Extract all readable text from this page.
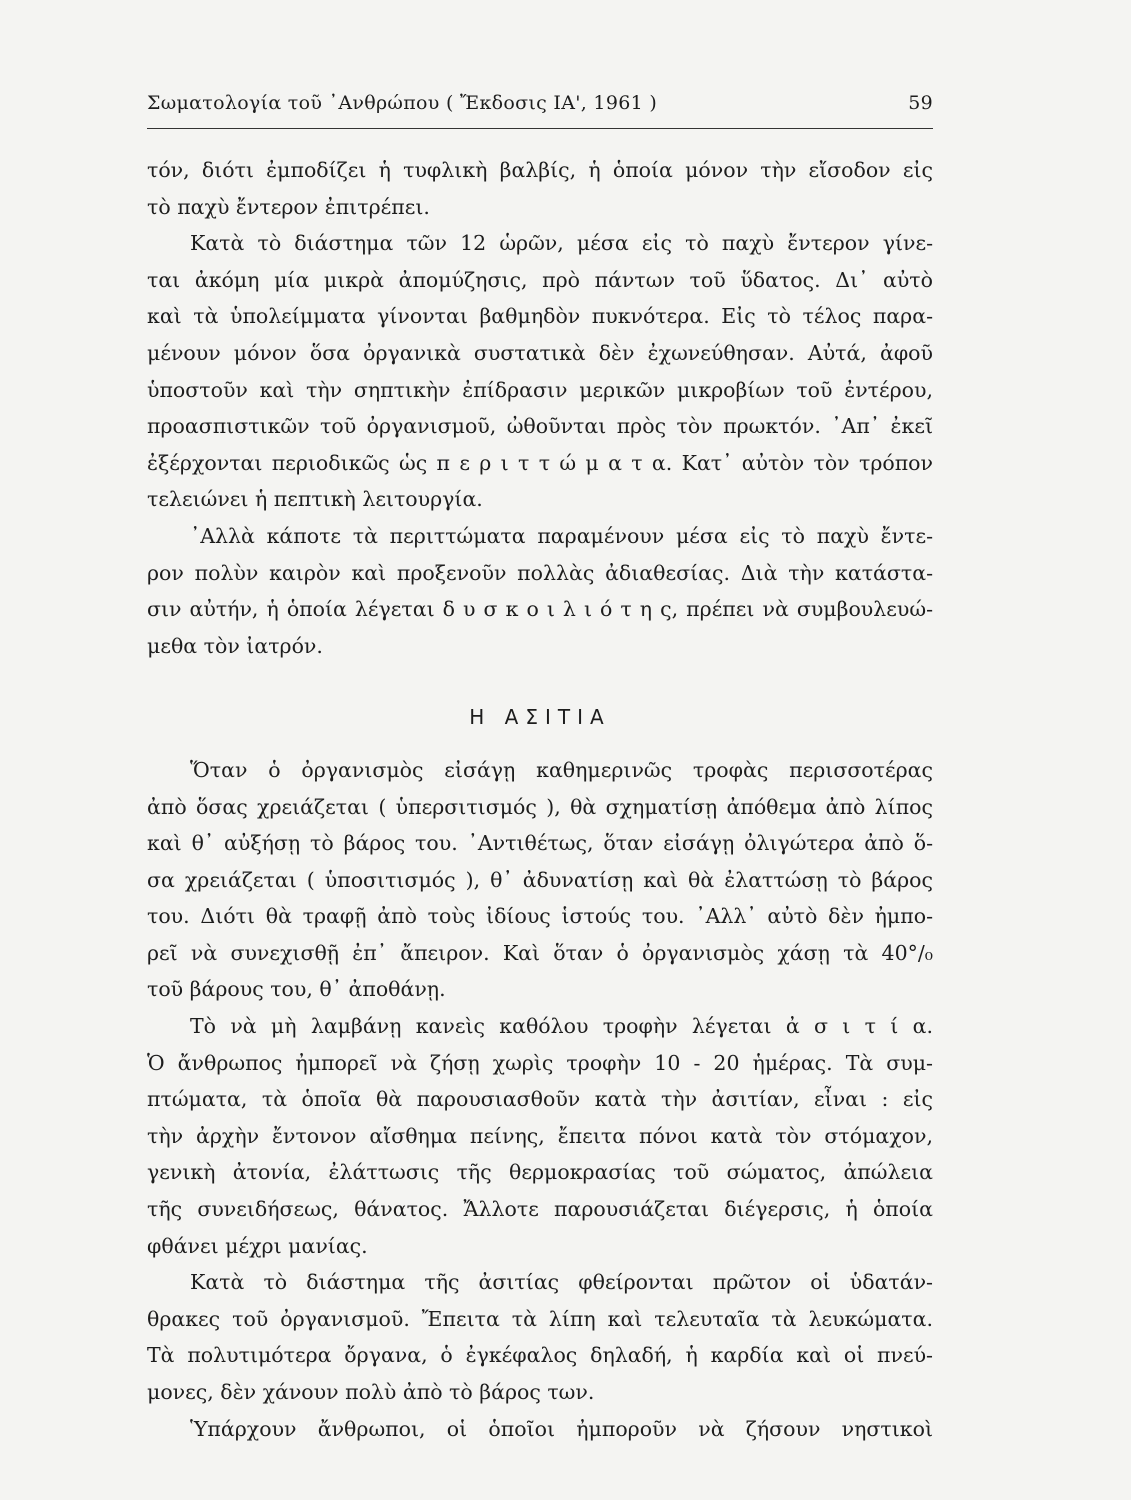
Σωματολογία τοῦ ᾿Ανθρώπου ( Ἔκδοσις ΙΑ', 1961 )	59
τόν, διότι ἐμποδίζει ἡ τυφλικὴ βαλβίς, ἡ ὁποία μόνον τὴν εἴσοδον εἰς
τὸ παχὺ ἔντερον ἐπιτρέπει.
Κατὰ τὸ διάστημα τῶν 12 ὡρῶν, μέσα εἰς τὸ παχὺ ἔντερον γίνε-
ται ἀκόμη μία μικρὰ ἀπομύζησις, πρὸ πάντων τοῦ ὕδατος. Δι᾿ αὐτὸ
καὶ τὰ ὑπολείμματα γίνονται βαθμηδὸν πυκνότερα. Εἰς τὸ τέλος παρα-
μένουν μόνον ὅσα ὀργανικὰ συστατικὰ δὲν ἐχωνεύθησαν. Αὐτά, ἀφοῦ
ὑποστοῦν καὶ τὴν σηπτικὴν ἐπίδρασιν μερικῶν μικροβίων τοῦ ἐντέρου,
προασπιστικῶν τοῦ ὀργανισμοῦ, ὠθοῦνται πρὸς τὸν πρωκτόν. ᾿Απ᾿ ἐκεῖ
ἐξέρχονται περιοδικῶς ὡς π ε ρ ι τ τ ώ μ α τ α. Κατ᾿ αὐτὸν τὸν τρόπον
τελειώνει ἡ πεπτικὴ λειτουργία.
᾿Αλλὰ κάποτε τὰ περιττώματα παραμένουν μέσα εἰς τὸ παχὺ ἔντε-
ρον πολὺν καιρὸν καὶ προξενοῦν πολλὰς ἀδιαθεσίας. Διὰ τὴν κατάστα-
σιν αὐτήν, ἡ ὁποία λέγεται δ υ σ κ ο ι λ ι ό τ η ς, πρέπει νὰ συμβουλευώ-
μεθα τὸν ἰατρόν.
Η ΑΣΙΤΙΑ
Ὅταν ὁ ὀργανισμὸς εἰσάγῃ καθημερινῶς τροφὰς περισσοτέρας
ἀπὸ ὅσας χρειάζεται ( ὑπερσιτισμός ), θὰ σχηματίσῃ ἀπόθεμα ἀπὸ λίπος
καὶ θ᾿ αὐξήσῃ τὸ βάρος του. ᾿Αντιθέτως, ὅταν εἰσάγῃ ὀλιγώτερα ἀπὸ ὅ-
σα χρειάζεται ( ὑποσιτισμός ), θ᾿ ἀδυνατίσῃ καὶ θὰ ἐλαττώσῃ τὸ βάρος
του. Διότι θὰ τραφῇ ἀπὸ τοὺς ἰδίους ἱστούς του. ᾿Αλλ᾿ αὐτὸ δὲν ἠμπο-
ρεῖ νὰ συνεχισθῇ ἐπ᾿ ἄπειρον. Καὶ ὅταν ὁ ὀργανισμὸς χάσῃ τὰ 40°/₀
τοῦ βάρους του, θ᾿ ἀποθάνῃ.
Τὸ νὰ μὴ λαμβάνῃ κανεὶς καθόλου τροφὴν λέγεται ἀ σ ι τ ί α.
Ὁ ἄνθρωπος ἠμπορεῖ νὰ ζήσῃ χωρὶς τροφὴν 10 - 20 ἡμέρας. Τὰ συμ-
πτώματα, τὰ ὁποῖα θὰ παρουσιασθοῦν κατὰ τὴν ἀσιτίαν, εἶναι : εἰς
τὴν ἀρχὴν ἔντονον αἴσθημα πείνης, ἔπειτα πόνοι κατὰ τὸν στόμαχον,
γενικὴ ἀτονία, ἐλάττωσις τῆς θερμοκρασίας τοῦ σώματος, ἀπώλεια
τῆς συνειδήσεως, θάνατος. Ἄλλοτε παρουσιάζεται διέγερσις, ἡ ὁποία
φθάνει μέχρι μανίας.
Κατὰ τὸ διάστημα τῆς ἀσιτίας φθείρονται πρῶτον οἱ ὑδατάν-
θρακες τοῦ ὀργανισμοῦ. Ἔπειτα τὰ λίπη καὶ τελευταῖα τὰ λευκώματα.
Τὰ πολυτιμότερα ὄργανα, ὁ ἐγκέφαλος δηλαδή, ἡ καρδία καὶ οἱ πνεύ-
μονες, δὲν χάνουν πολὺ ἀπὸ τὸ βάρος των.
Ὑπάρχουν ἄνθρωποι, οἱ ὁποῖοι ἠμποροῦν νὰ ζήσουν νηστικοὶ
